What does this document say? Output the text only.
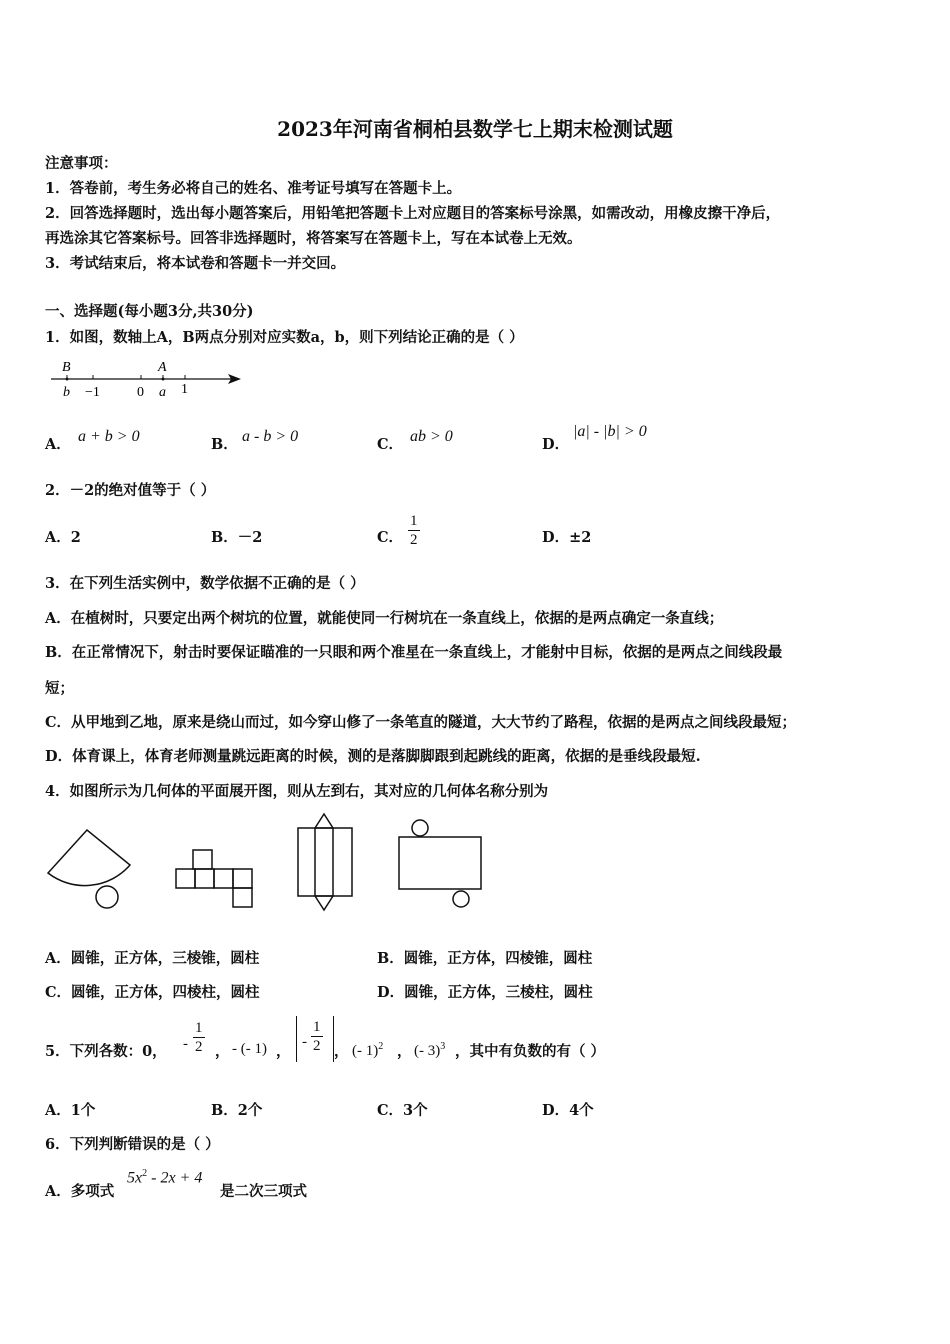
2023年河南省桐柏县数学七上期末检测试题
注意事项：
1．答卷前，考生务必将自己的姓名、准考证号填写在答题卡上。
2．回答选择题时，选出每小题答案后，用铅笔把答题卡上对应题目的答案标号涂黑，如需改动，用橡皮擦干净后，
再选涂其它答案标号。回答非选择题时，将答案写在答题卡上，写在本试卷上无效。
3．考试结束后，将本试卷和答题卡一并交回。
一、选择题(每小题3分,共30分)
1．如图，数轴上A，B两点分别对应实数a，b，则下列结论正确的是（ ）
B	A
b −1	0 a 1
A． a + b > 0	B． a - b > 0	C． ab > 0	D．
|a| - |b| > 0
2．－2的绝对值等于（ ）
A．2	B．－2	C． $\frac{1}{2}$	D．±2
3．在下列生活实例中，数学依据不正确的是（ ）
A．在植树时，只要定出两个树坑的位置，就能使同一行树坑在一条直线上，依据的是两点确定一条直线；
B．在正常情况下，射击时要保证瞄准的一只眼和两个准星在一条直线上，才能射中目标，依据的是两点之间线段最
短；
C．从甲地到乙地，原来是绕山而过，如今穿山修了一条笔直的隧道，大大节约了路程，依据的是两点之间线段最短；
D．体育课上，体育老师测量跳远距离的时候，测的是落脚脚跟到起跳线的距离，依据的是垂线段最短.
4．如图所示为几何体的平面展开图，则从左到右，其对应的几何体名称分别为
A．圆锥，正方体，三棱锥，圆柱	B．圆锥，正方体，四棱锥，圆柱
C．圆锥，正方体，四棱柱，圆柱	D．圆锥，正方体，三棱柱，圆柱
5．下列各数：0， - $\frac{1}{2}$ ， - (- 1) ，
- $\frac{1}{2}$ ， (- 1)$^2$ ， (- 3)$^3$ ，其中有负数的有（ ）
A．1个	B．2个	C．3个	D．4个
6．下列判断错误的是（ ）
A．多项式
$5x^2 - 2x + 4$
是二次三项式
